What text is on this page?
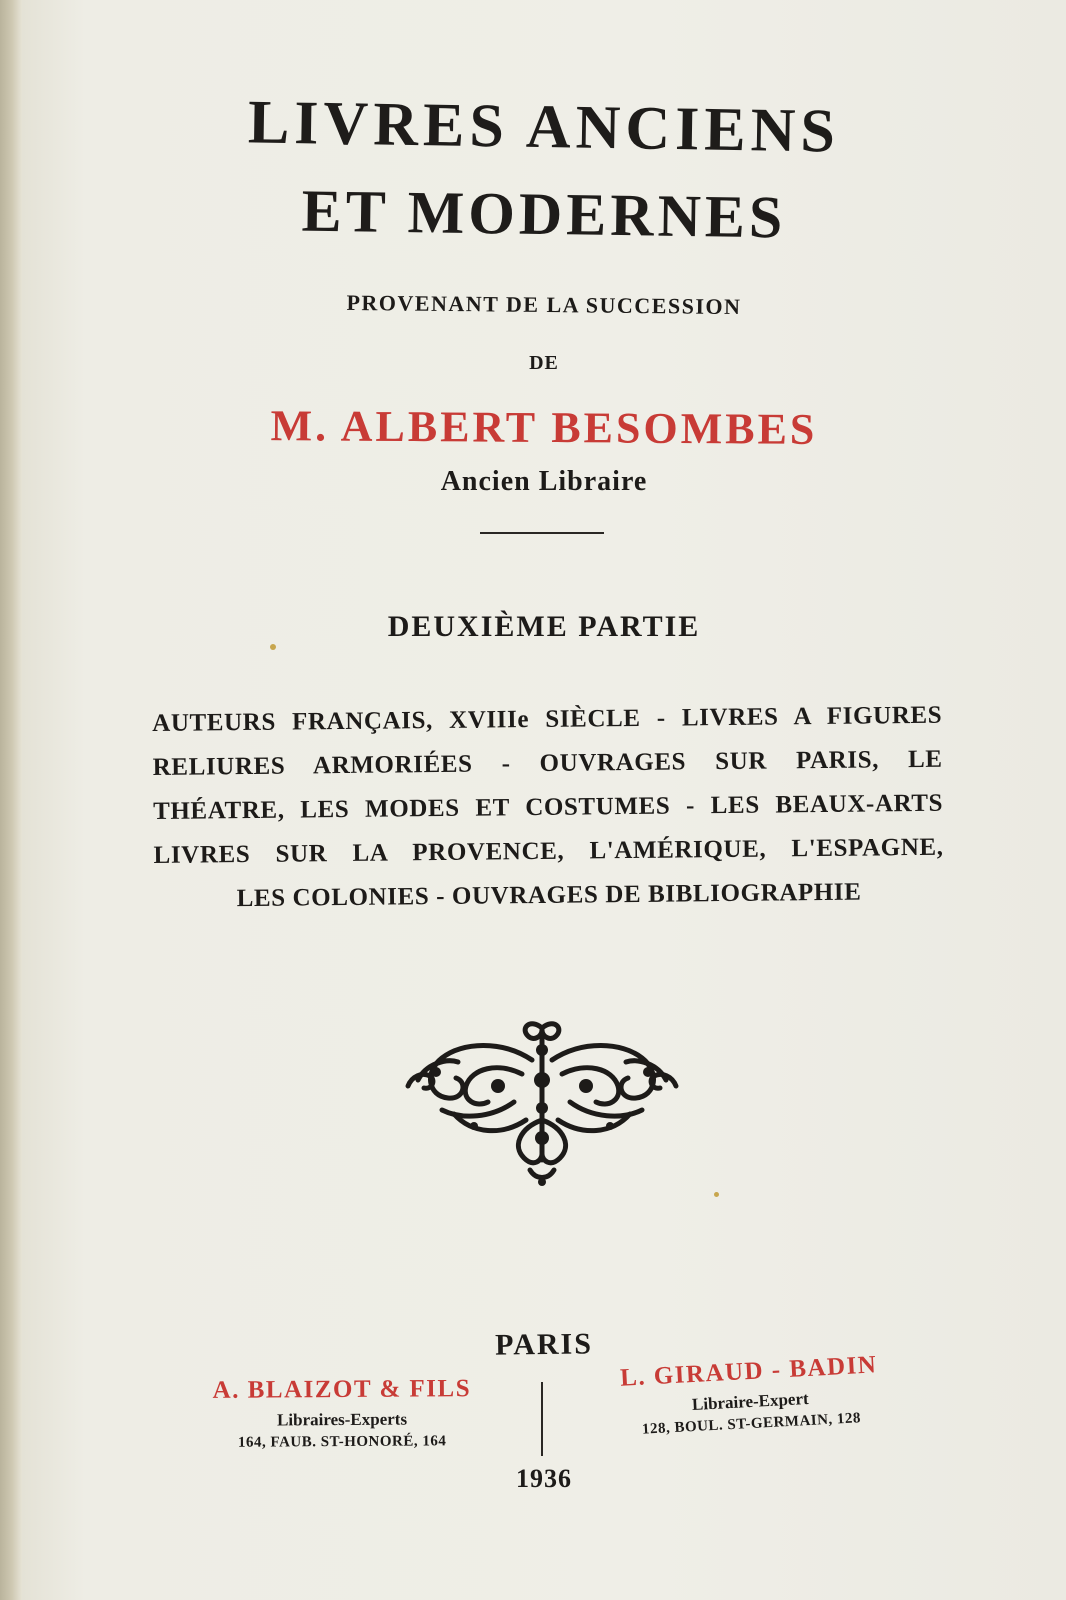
LIVRES ANCIENS
ET MODERNES
PROVENANT DE LA SUCCESSION
DE
M. ALBERT BESOMBES
Ancien Libraire
DEUXIÈME PARTIE
AUTEURS FRANÇAIS, XVIIIe SIÈCLE - LIVRES A FIGURES
RELIURES ARMORIÉES - OUVRAGES SUR PARIS, LE
THÉATRE, LES MODES ET COSTUMES - LES BEAUX-ARTS
LIVRES SUR LA PROVENCE, L'AMÉRIQUE, L'ESPAGNE,
LES COLONIES - OUVRAGES DE BIBLIOGRAPHIE
PARIS
A. BLAIZOT & FILS
Libraires-Experts
164, FAUB. ST-HONORÉ, 164
L. GIRAUD - BADIN
Libraire-Expert
128, BOUL. ST-GERMAIN, 128
1936
